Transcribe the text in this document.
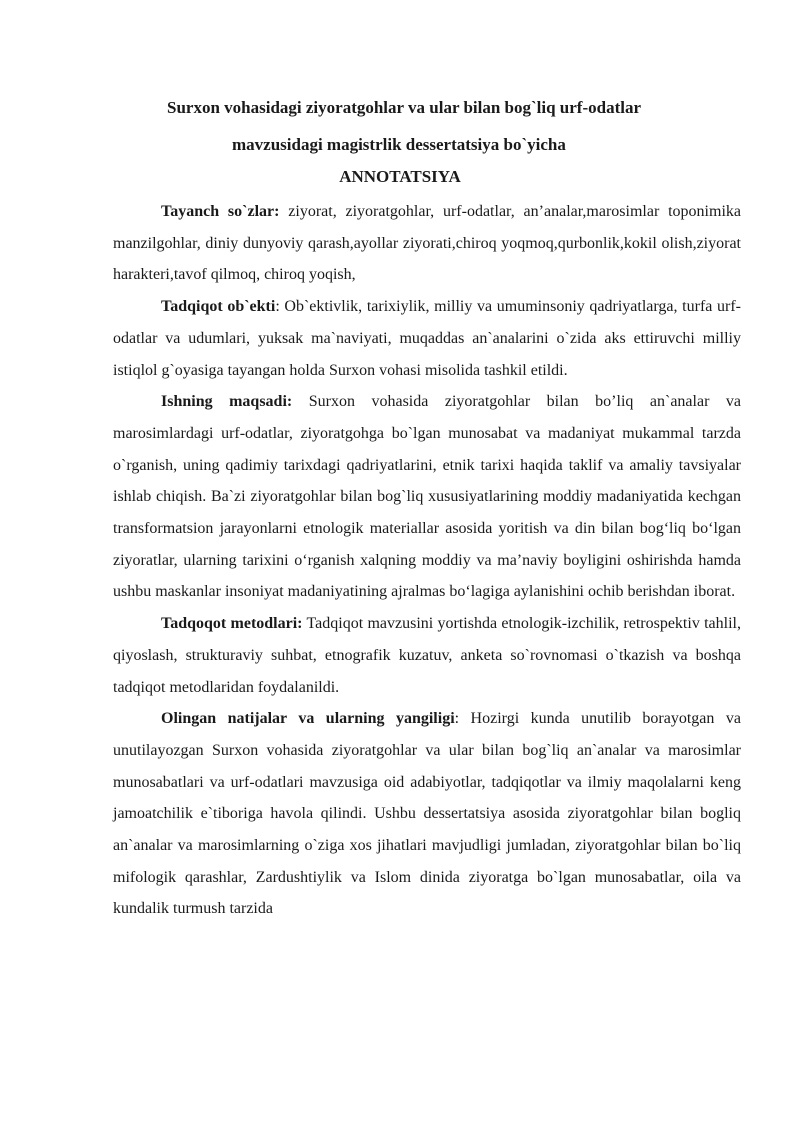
Surxon vohasidagi ziyoratgohlar va ular bilan bog`liq urf-odatlar
mavzusidagi magistrlik dessertatsiya bo`yicha
ANNOTATSIYA

Tayanch so`zlar: ziyorat, ziyoratgohlar, urf-odatlar, an’analar,marosimlar toponimika manzilgohlar, diniy dunyoviy qarash,ayollar ziyorati,chiroq yoqmoq,qurbonlik,kokil olish,ziyorat harakteri,tavof qilmoq, chiroq yoqish,

Tadqiqot ob`ekti: Ob`ektivlik, tarixiylik, milliy va umuminsoniy qadriyatlarga, turfa urf-odatlar va udumlari, yuksak ma`naviyati, muqaddas an`analarini o`zida aks ettiruvchi milliy istiqlol g`oyasiga tayangan holda Surxon vohasi misolida tashkil etildi.

Ishning maqsadi: Surxon vohasida ziyoratgohlar bilan bo’liq an`analar va marosimlardagi urf-odatlar, ziyoratgohga bo`lgan munosabat va madaniyat mukammal tarzda o`rganish, uning qadimiy tarixdagi qadriyatlarini, etnik tarixi haqida taklif va amaliy tavsiyalar ishlab chiqish. Ba`zi ziyoratgohlar bilan bog`liq xususiyatlarining moddiy madaniyatida kechgan transformatsion jarayonlarni etnologik materiallar asosida yoritish va din bilan bog‘liq bo‘lgan ziyoratlar, ularning tarixini o‘rganish xalqning moddiy va ma’naviy boyligini oshirishda hamda ushbu maskanlar insoniyat madaniyatining ajralmas bo‘lagiga aylanishini ochib berishdan iborat.

Tadqoqot metodlari: Tadqiqot mavzusini yortishda etnologik-izchilik, retrospektiv tahlil, qiyoslash, strukturaviy suhbat, etnografik kuzatuv, anketa so`rovnomasi o`tkazish va boshqa tadqiqot metodlaridan foydalanildi.

Olingan natijalar va ularning yangiligi: Hozirgi kunda unutilib borayotgan va unutilayozgan Surxon vohasida ziyoratgohlar va ular bilan bog`liq an`analar va marosimlar munosabatlari va urf-odatlari mavzusiga oid adabiyotlar, tadqiqotlar va ilmiy maqolalarni keng jamoatchilik e`tiboriga havola qilindi. Ushbu dessertatsiya asosida ziyoratgohlar bilan bogliq an`analar va marosimlarning o`ziga xos jihatlari mavjudligi jumladan, ziyoratgohlar bilan bo`liq mifologik qarashlar, Zardushtiylik va Islom dinida ziyoratga bo`lgan munosabatlar, oila va kundalik turmush tarzida
